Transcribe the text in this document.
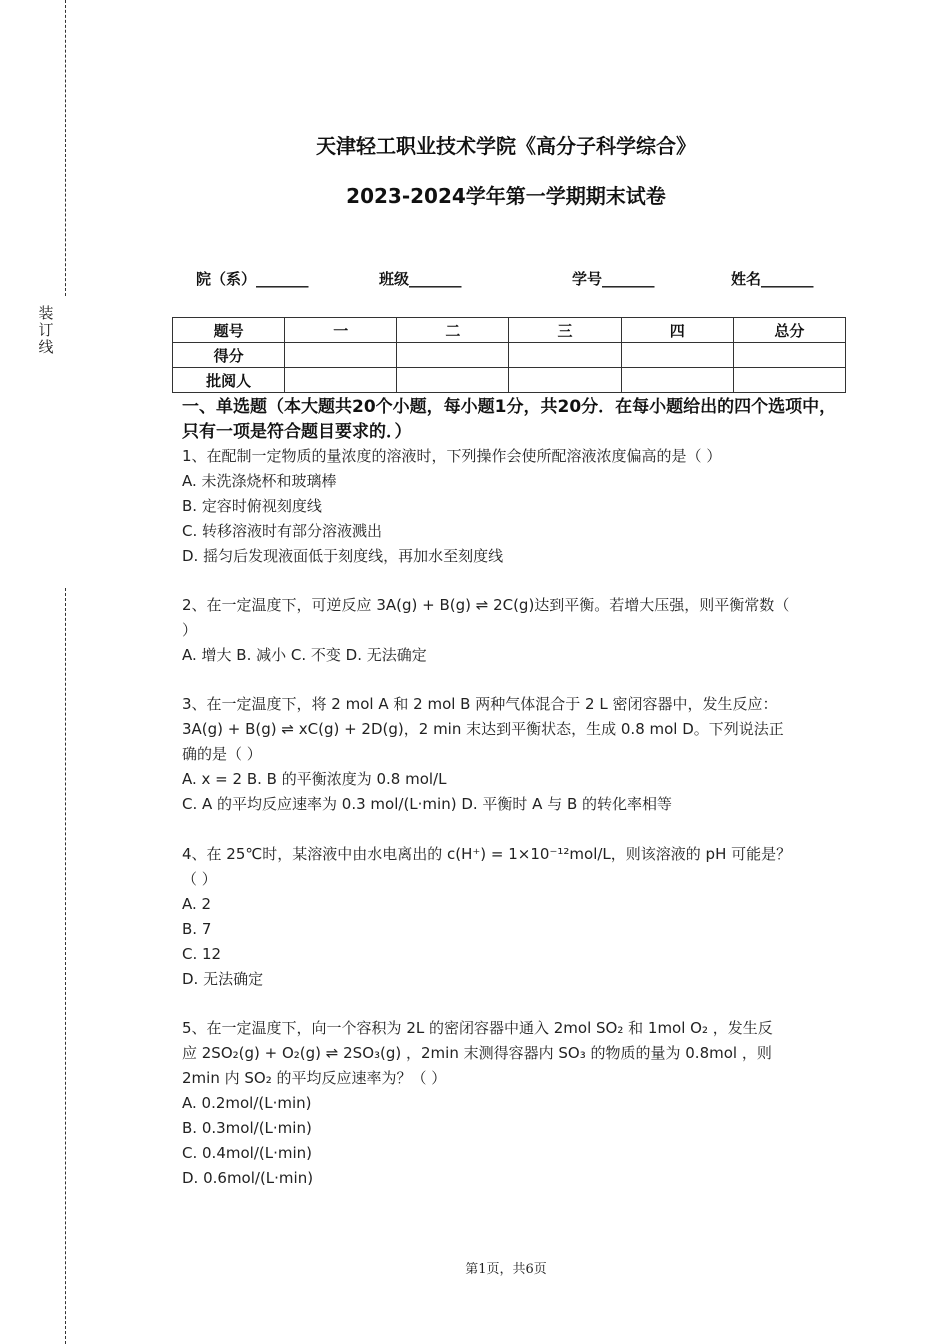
装订线
天津轻工职业技术学院《高分子科学综合》
2023-2024学年第一学期期末试卷
院（系）_______	班级_______	学号_______	姓名_______
题号	一	二	三	四	总分
得分					
批阅人					
一、单选题（本大题共20个小题，每小题1分，共20分．在每小题给出的四个选项中，只有一项是符合题目要求的．）
1、在配制一定物质的量浓度的溶液时，下列操作会使所配溶液浓度偏高的是（ ）
A. 未洗涤烧杯和玻璃棒
B. 定容时俯视刻度线
C. 转移溶液时有部分溶液溅出
D. 摇匀后发现液面低于刻度线，再加水至刻度线
2、在一定温度下，可逆反应 3A(g) + B(g) ⇌ 2C(g)达到平衡。若增大压强，则平衡常数（
）
A. 增大 B. 减小 C. 不变 D. 无法确定
3、在一定温度下，将 2 mol A 和 2 mol B 两种气体混合于 2 L 密闭容器中，发生反应：
3A(g) + B(g) ⇌ xC(g) + 2D(g)，2 min 末达到平衡状态，生成 0.8 mol D。下列说法正
确的是（ ）
A. x = 2 B. B 的平衡浓度为 0.8 mol/L
C. A 的平均反应速率为 0.3 mol/(L·min) D. 平衡时 A 与 B 的转化率相等
4、在 25℃时，某溶液中由水电离出的 c(H⁺) = 1×10⁻¹²mol/L，则该溶液的 pH 可能是？
（ ）
A. 2
B. 7
C. 12
D. 无法确定
5、在一定温度下，向一个容积为 2L 的密闭容器中通入 2mol SO₂ 和 1mol O₂ ，发生反
应 2SO₂(g) + O₂(g) ⇌ 2SO₃(g) ，2min 末测得容器内 SO₃ 的物质的量为 0.8mol ，则
2min 内 SO₂ 的平均反应速率为？（ ）
A. 0.2mol/(L·min)
B. 0.3mol/(L·min)
C. 0.4mol/(L·min)
D. 0.6mol/(L·min)
第1页，共6页
